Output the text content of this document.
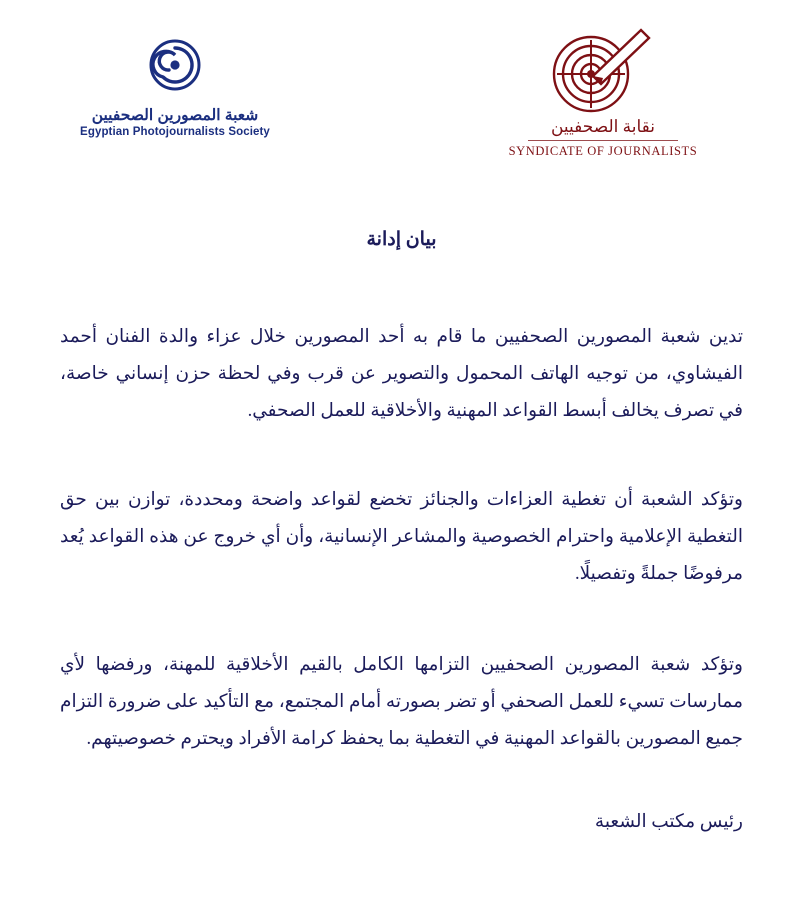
شعبة المصورين الصحفيين
Egyptian Photojournalists Society	نقابة الصحفيين
SYNDICATE OF JOURNALISTS
بيان إدانة

تدين شعبة المصورين الصحفيين ما قام به أحد المصورين خلال عزاء والدة الفنان أحمد الفيشاوي، من توجيه الهاتف المحمول والتصوير عن قرب وفي لحظة حزن إنساني خاصة، في تصرف يخالف أبسط القواعد المهنية والأخلاقية للعمل الصحفي.

وتؤكد الشعبة أن تغطية العزاءات والجنائز تخضع لقواعد واضحة ومحددة، توازن بين حق التغطية الإعلامية واحترام الخصوصية والمشاعر الإنسانية، وأن أي خروج عن هذه القواعد يُعد مرفوضًا جملةً وتفصيلًا.

وتؤكد شعبة المصورين الصحفيين التزامها الكامل بالقيم الأخلاقية للمهنة، ورفضها لأي ممارسات تسيء للعمل الصحفي أو تضر بصورته أمام المجتمع، مع التأكيد على ضرورة التزام جميع المصورين بالقواعد المهنية في التغطية بما يحفظ كرامة الأفراد ويحترم خصوصيتهم.

رئيس مكتب الشعبة
